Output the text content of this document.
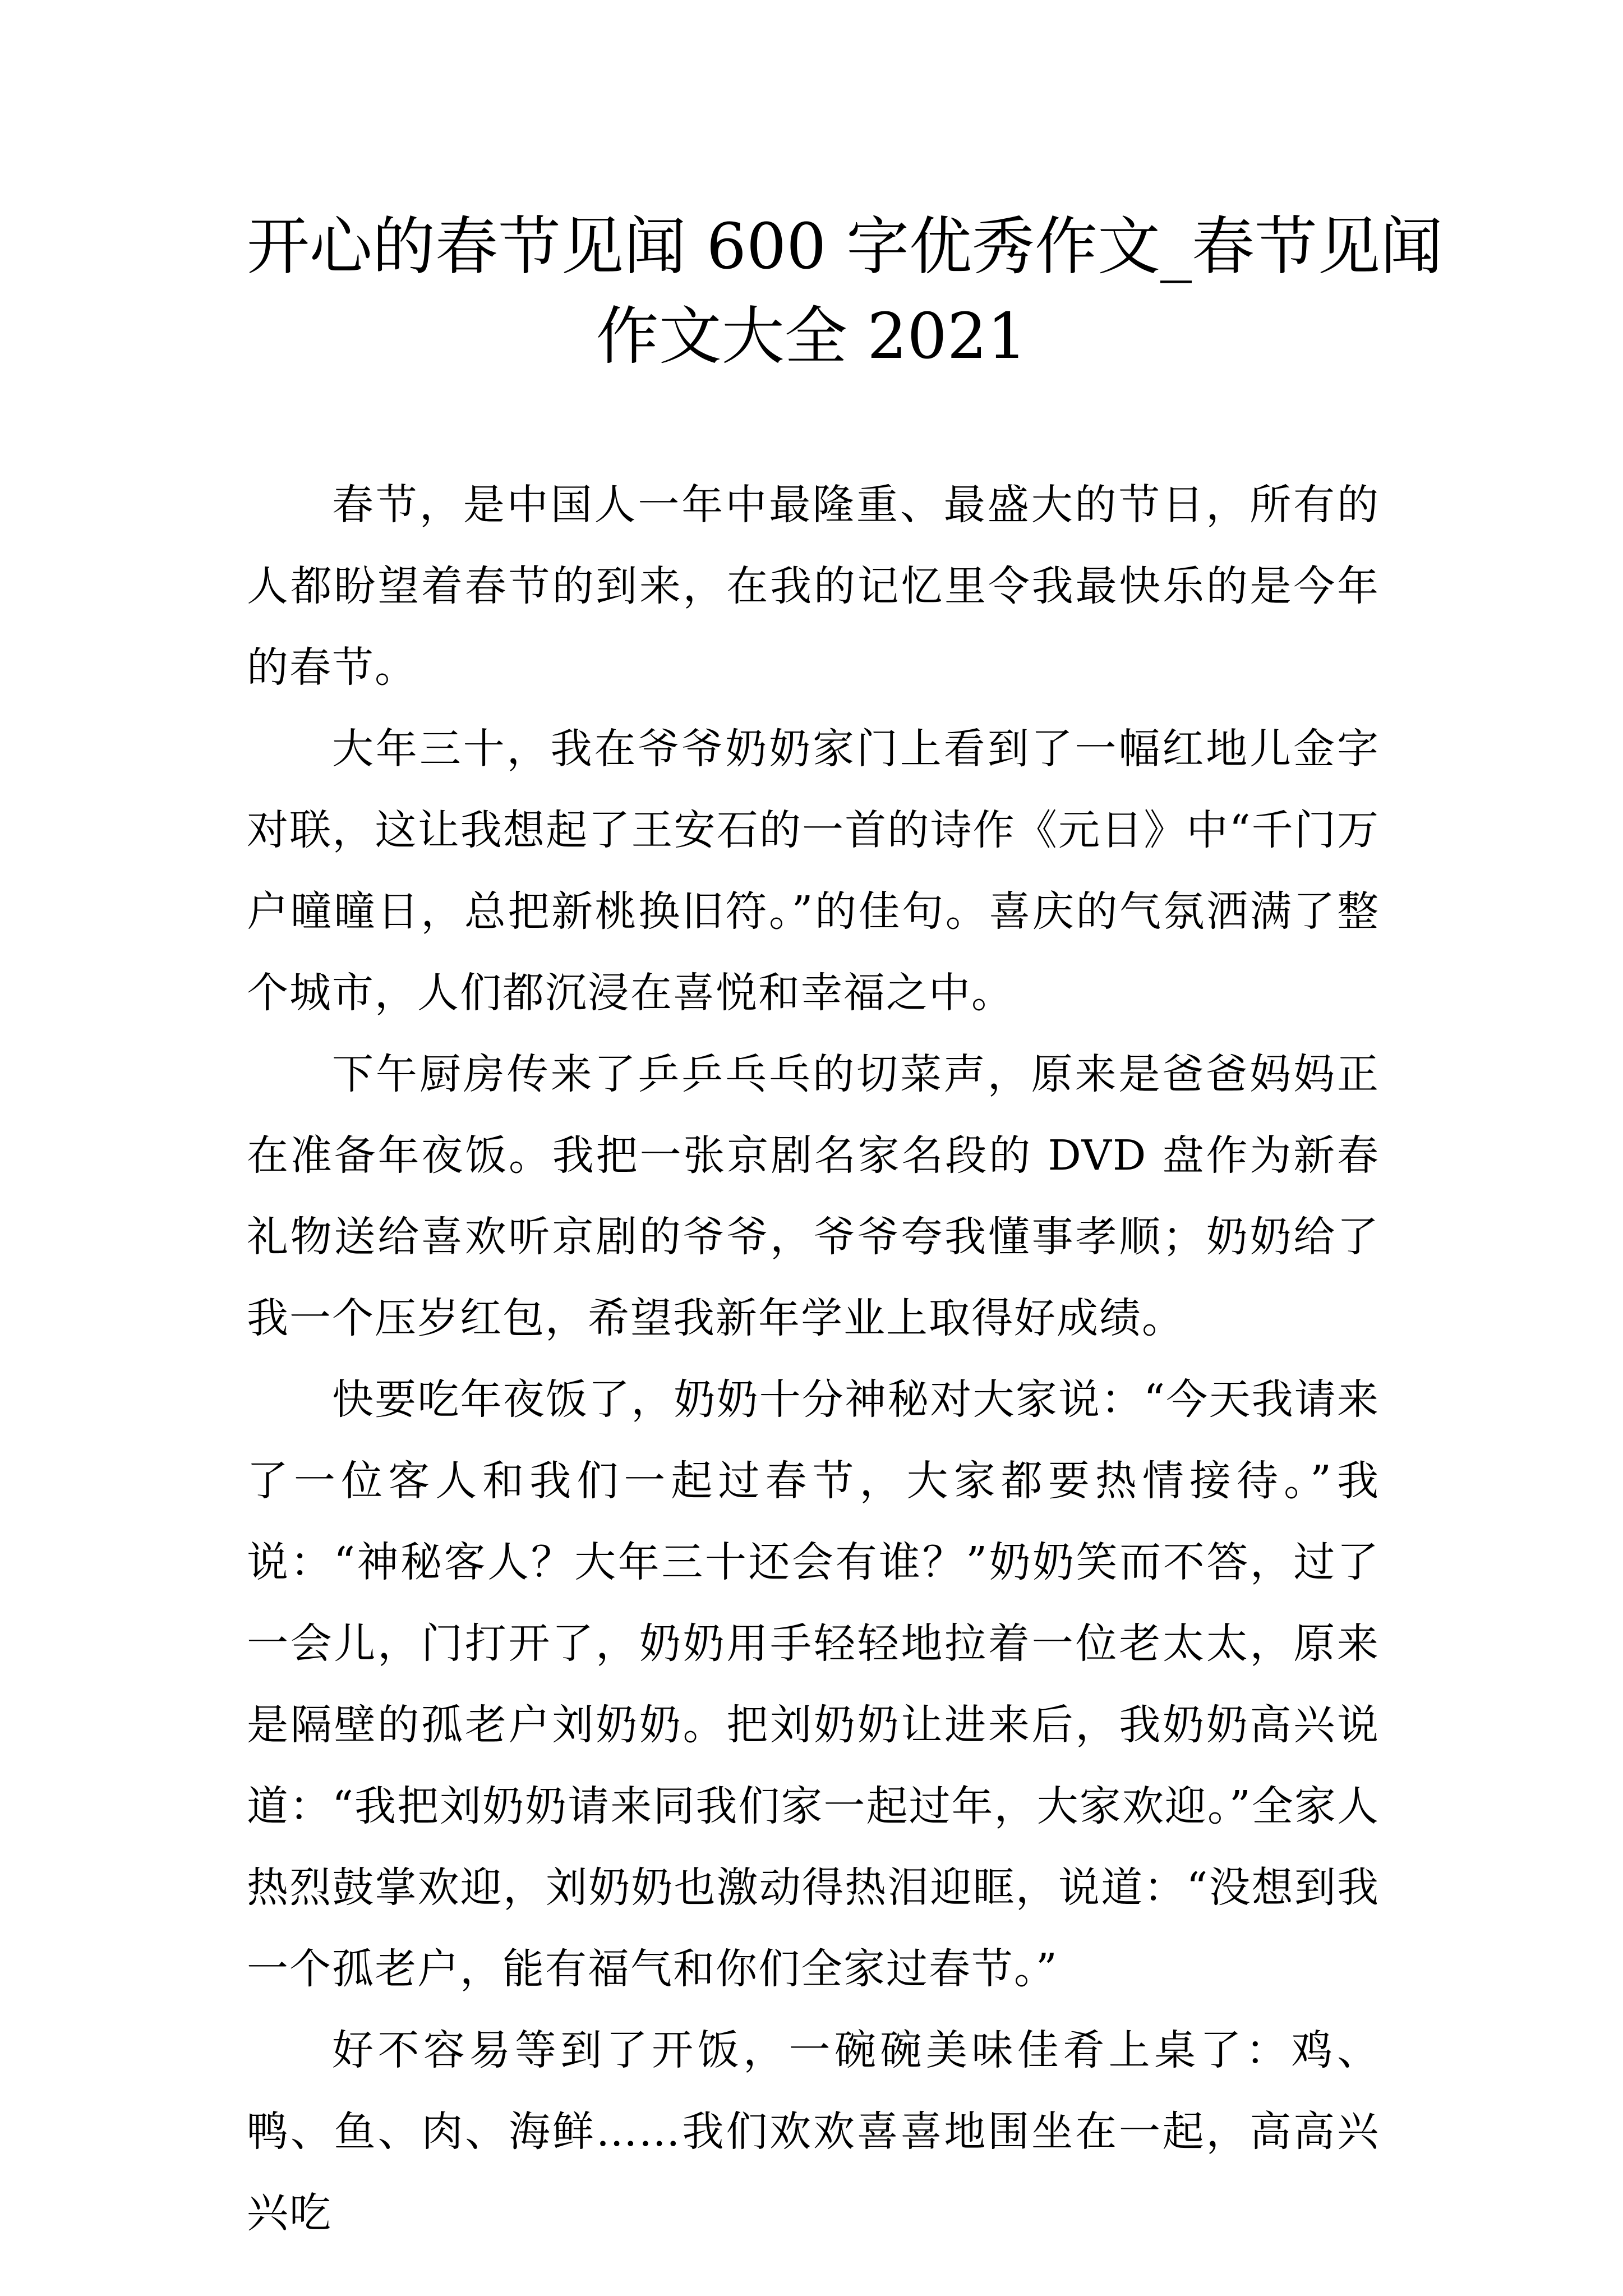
开心的春节见闻 600 字优秀作文_春节见闻
作文大全 2021

春节，是中国人一年中最隆重、最盛大的节日，所有的人都盼望着春节的到来，在我的记忆里令我最快乐的是今年的春节。

大年三十，我在爷爷奶奶家门上看到了一幅红地儿金字对联，这让我想起了王安石的一首的诗作《元日》中“千门万户曈曈日，总把新桃换旧符。”的佳句。喜庆的气氛洒满了整个城市，人们都沉浸在喜悦和幸福之中。

下午厨房传来了乒乒乓乓的切菜声，原来是爸爸妈妈正在准备年夜饭。我把一张京剧名家名段的 DVD 盘作为新春礼物送给喜欢听京剧的爷爷，爷爷夸我懂事孝顺；奶奶给了我一个压岁红包，希望我新年学业上取得好成绩。

快要吃年夜饭了，奶奶十分神秘对大家说：“今天我请来了一位客人和我们一起过春节，大家都要热情接待。”我说：“神秘客人？大年三十还会有谁？”奶奶笑而不答，过了一会儿，门打开了，奶奶用手轻轻地拉着一位老太太，原来是隔壁的孤老户刘奶奶。把刘奶奶让进来后，我奶奶高兴说道：“我把刘奶奶请来同我们家一起过年，大家欢迎。”全家人热烈鼓掌欢迎，刘奶奶也激动得热泪迎眶，说道：“没想到我一个孤老户，能有福气和你们全家过春节。”

好不容易等到了开饭，一碗碗美味佳肴上桌了：鸡、鸭、鱼、肉、海鲜……我们欢欢喜喜地围坐在一起，高高兴兴吃
